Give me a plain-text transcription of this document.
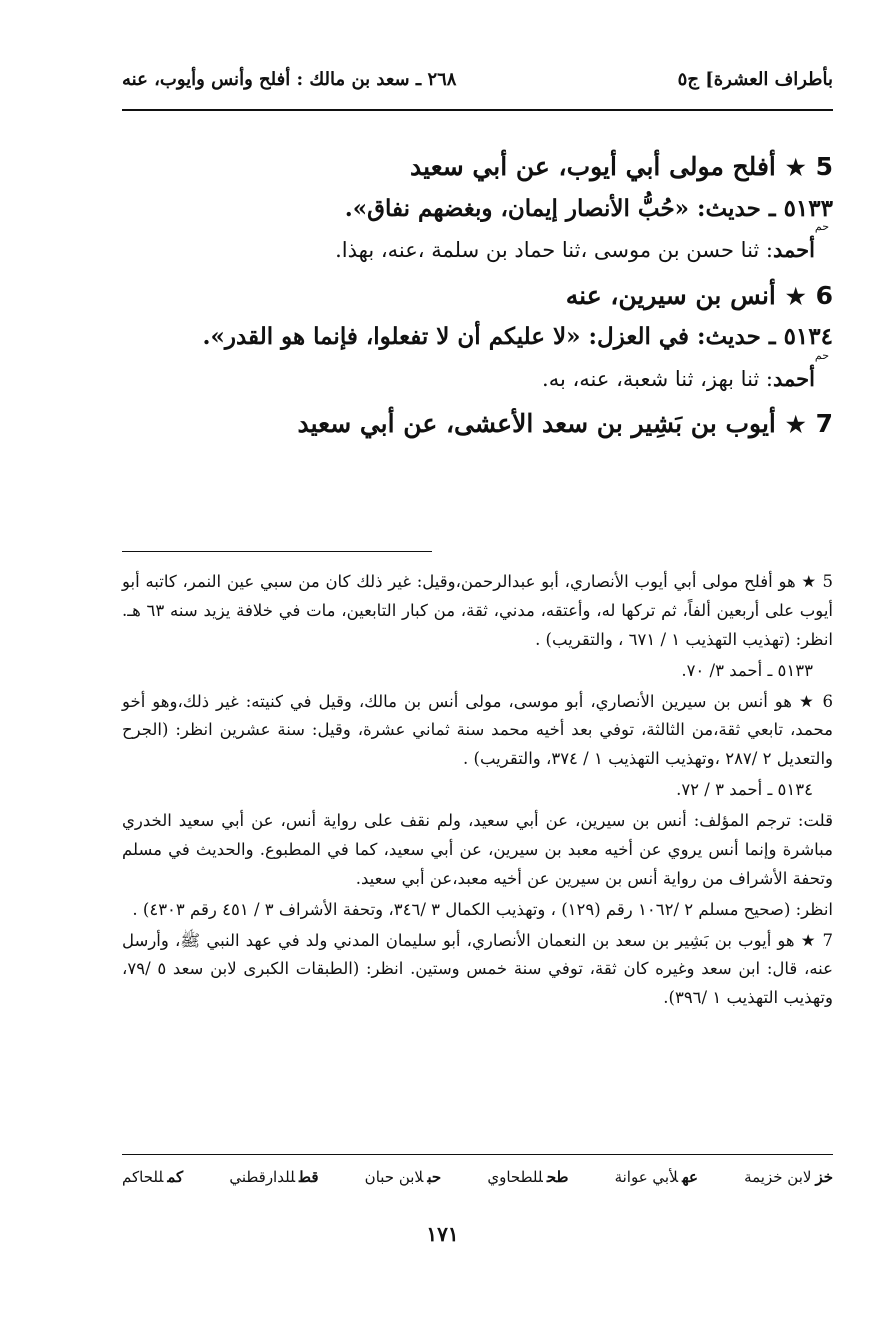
بأطراف العشرة] ج٥
٢٦٨ ـ سعد بن مالك : أفلح وأنس وأيوب، عنه
5
★
أفلح مولى أبي أيوب، عن أبي سعيد
٥١٣٣ ـ حديث: «حُبُّ الأنصار إيمان، وبغضهم نفاق».
حم
أحمد: ثنا حسن بن موسى ،ثنا حماد بن سلمة ،عنه، بهذا.
6
★
أنس بن سيرين، عنه
٥١٣٤ ـ حديث: في العزل: «لا عليكم أن لا تفعلوا، فإنما هو القدر».
حم
أحمد: ثنا بهز، ثنا شعبة، عنه، به.
7
★
أيوب بن بَشِير بن سعد الأعشى، عن أبي سعيد

5 ★ هو أفلح مولى أبي أيوب الأنصاري، أبو عبدالرحمن،وقيل: غير ذلك كان من سبي عين النمر، كاتبه أبو أيوب على أربعين ألفاً، ثم تركها له، وأعتقه، مدني، ثقة، من كبار التابعين، مات في خلافة يزيد سنه ٦٣ هـ. انظر: (تهذيب التهذيب ١ / ٦٧١ ، والتقريب) .

٥١٣٣ ـ أحمد ٣/ ٧٠.

6 ★ هو أنس بن سيرين الأنصاري، أبو موسى، مولى أنس بن مالك، وقيل في كنيته: غير ذلك،وهو أخو محمد، تابعي ثقة،من الثالثة، توفي بعد أخيه محمد سنة ثماني عشرة، وقيل: سنة عشرين انظر: (الجرح والتعديل ٢ /٢٨٧ ،وتهذيب التهذيب ١ / ٣٧٤، والتقريب) .

٥١٣٤ ـ أحمد ٣ / ٧٢.

قلت: ترجم المؤلف: أنس بن سيرين، عن أبي سعيد، ولم نقف على رواية أنس، عن أبي سعيد الخدري مباشرة وإنما أنس يروي عن أخيه معبد بن سيرين، عن أبي سعيد، كما في المطبوع. والحديث في مسلم وتحفة الأشراف من رواية أنس بن سيرين عن أخيه معبد،عن أبي سعيد.

انظر: (صحيح مسلم ٢ /١٠٦٢ رقم (١٢٩) ، وتهذيب الكمال ٣ /٣٤٦، وتحفة الأشراف ٣ / ٤٥١ رقم ٤٣٠٣) .

7 ★ هو أيوب بن بَشِير بن سعد بن النعمان الأنصاري، أبو سليمان المدني ولد في عهد النبي ﷺ، وأرسل عنه، قال: ابن سعد وغيره كان ثقة، توفي سنة خمس وستين. انظر: (الطبقات الكبرى لابن سعد ٥ /٧٩، وتهذيب التهذيب ١ /٣٩٦).

خزلابن خزيمة
عهلأبي عوانة
طحللطحاوي
حبلابن حبان
قطللدارقطني
كمللحاكم
١٧١
